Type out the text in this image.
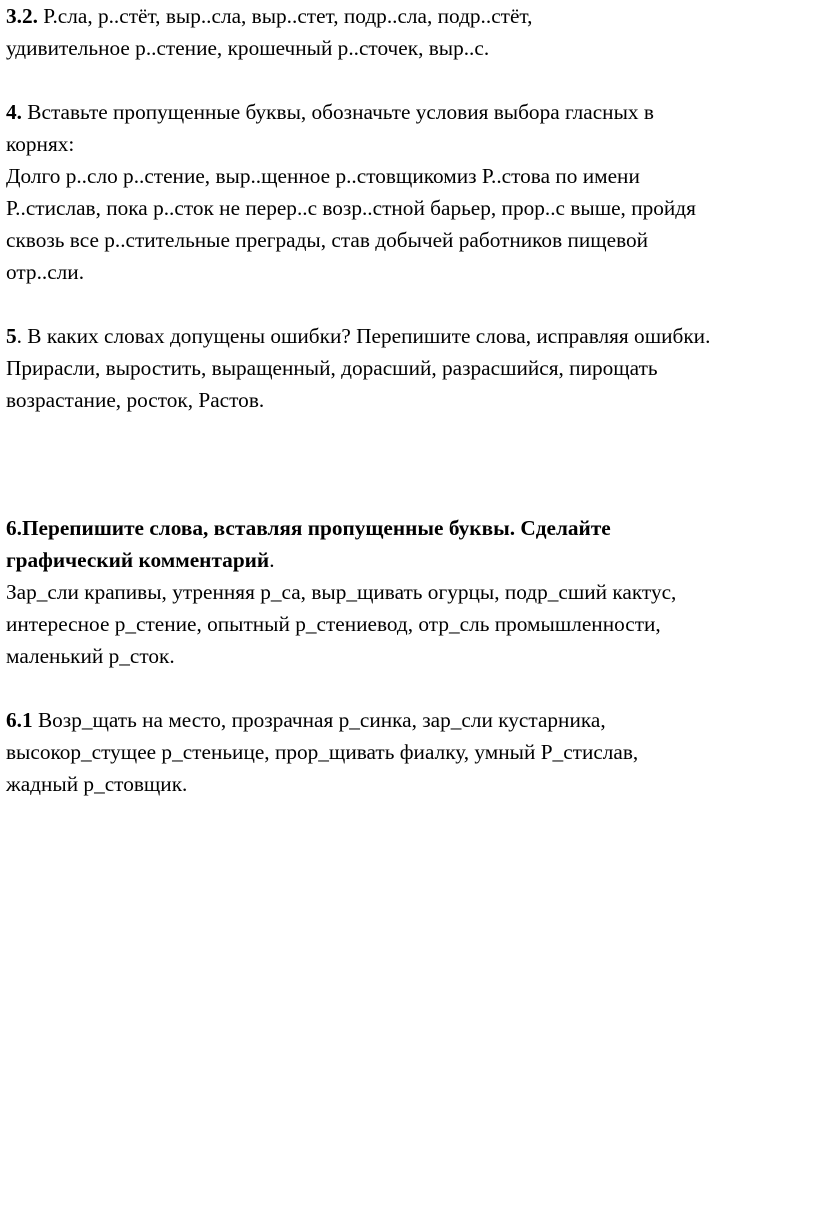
3.2. Р.сла, р..стёт, выр..сла, выр..стет, подр..сла, подр..стёт,

удивительное р..стение, крошечный р..сточек, выр..с.

4. Вставьте пропущенные буквы, обозначьте условия выбора гласных в

корнях:

Долго р..сло р..стение, выр..щенное р..стовщикомиз Р..стова по имени

Р..стислав, пока р..сток не перер..с возр..стной барьер, прор..с выше, пройдя

сквозь все р..стительные преграды, став добычей работников пищевой

отр..сли.

5. В каких словах допущены ошибки? Перепишите слова, исправляя ошибки.

Прирасли, выростить, выращенный, дорасший, разрасшийся, пирощать

возрастание, росток, Растов.

6.Перепишите слова, вставляя пропущенные буквы. Сделайте

графический комментарий.

Зар_сли крапивы, утренняя р_са, выр_щивать огурцы, подр_сший кактус,

интересное р_стение, опытный р_стениевод, отр_сль промышленности,

маленький р_сток.

6.1 Возр_щать на место, прозрачная р_синка, зар_сли кустарника,

высокор_стущее р_стеньице, прор_щивать фиалку, умный Р_стислав,

жадный р_стовщик.
